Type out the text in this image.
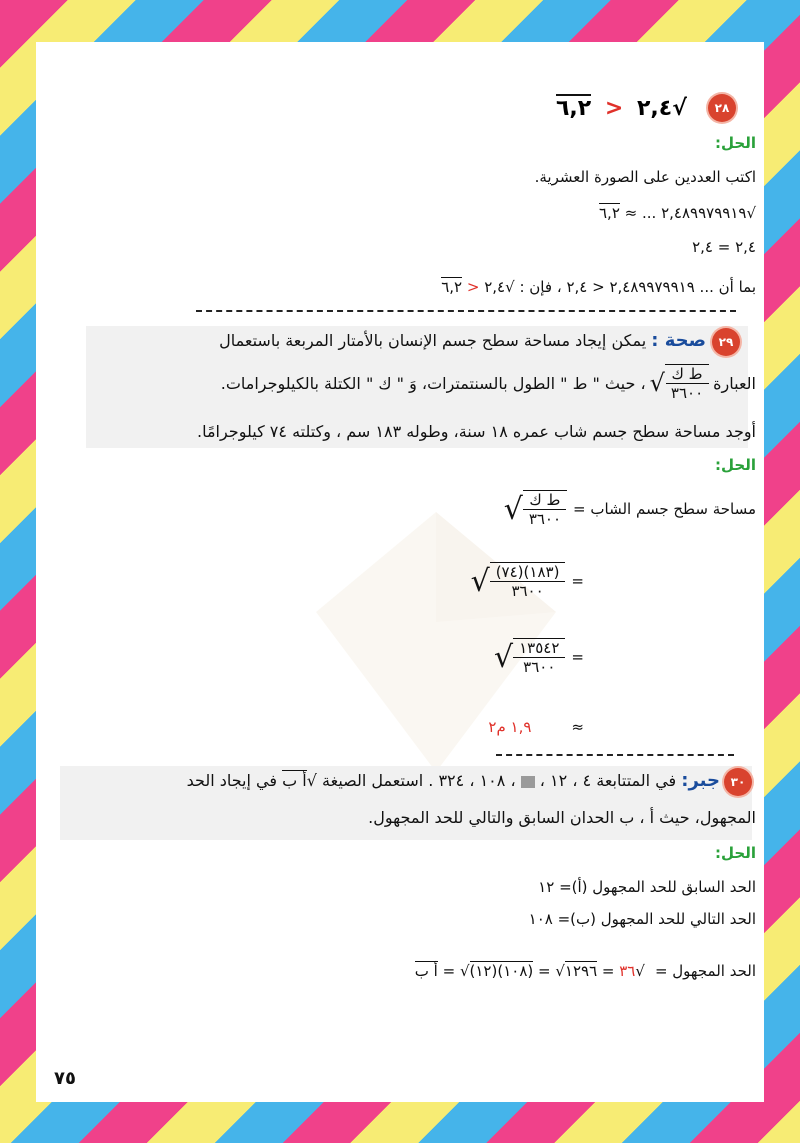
٢٨
٢,٤ < ٦,٢	√
الحل:
اكتب العددين على الصورة العشرية.
٢,٤٨٩٩٧٩٩١٩ ... ≈ ٦,٢	√
٢,٤ = ٢,٤
بما أن ... ٢,٤٨٩٩٧٩٩١٩ < ٢,٤ ، فإن : ٢,٤ < ٦,٢	√
٢٩
صحة : يمكن إيجاد مساحة سطح جسم الإنسان بالأمتار المربعة باستعمال
العبارة
√ $\frac{\text{ط ك}}{٣٦٠٠}$
، حيث " ط " الطول بالسنتمترات، وَ " ك " الكتلة بالكيلوجرامات.
أوجد مساحة سطح جسم شاب عمره ١٨ سنة، وطوله ١٨٣ سم ، وكتلته ٧٤ كيلوجرامًا.
الحل:
مساحة سطح جسم الشاب =
√ $\frac{\text{ط ك}}{٣٦٠٠}$
=
√ $\frac{(٧٤)(١٨٣)}{٣٦٠٠}$
=
√ $\frac{١٣٥٤٢}{٣٦٠٠}$
≈
١,٩ م٢
٣٠
جبر: في المتتابعة ٤ ، ١٢ ،  ، ١٠٨ ، ٣٢٤ . استعمل الصيغة أ ب√ في إيجاد الحد
المجهول، حيث أ ، ب الحدان السابق والتالي للحد المجهول.
الحل:
الحد السابق للحد المجهول (أ)= ١٢
الحد التالي للحد المجهول (ب)= ١٠٨
الحد المجهول =
٣٦ = ١٢٩٦√ = (١٠٨)(١٢)√ = أ ب	√
٧٥
